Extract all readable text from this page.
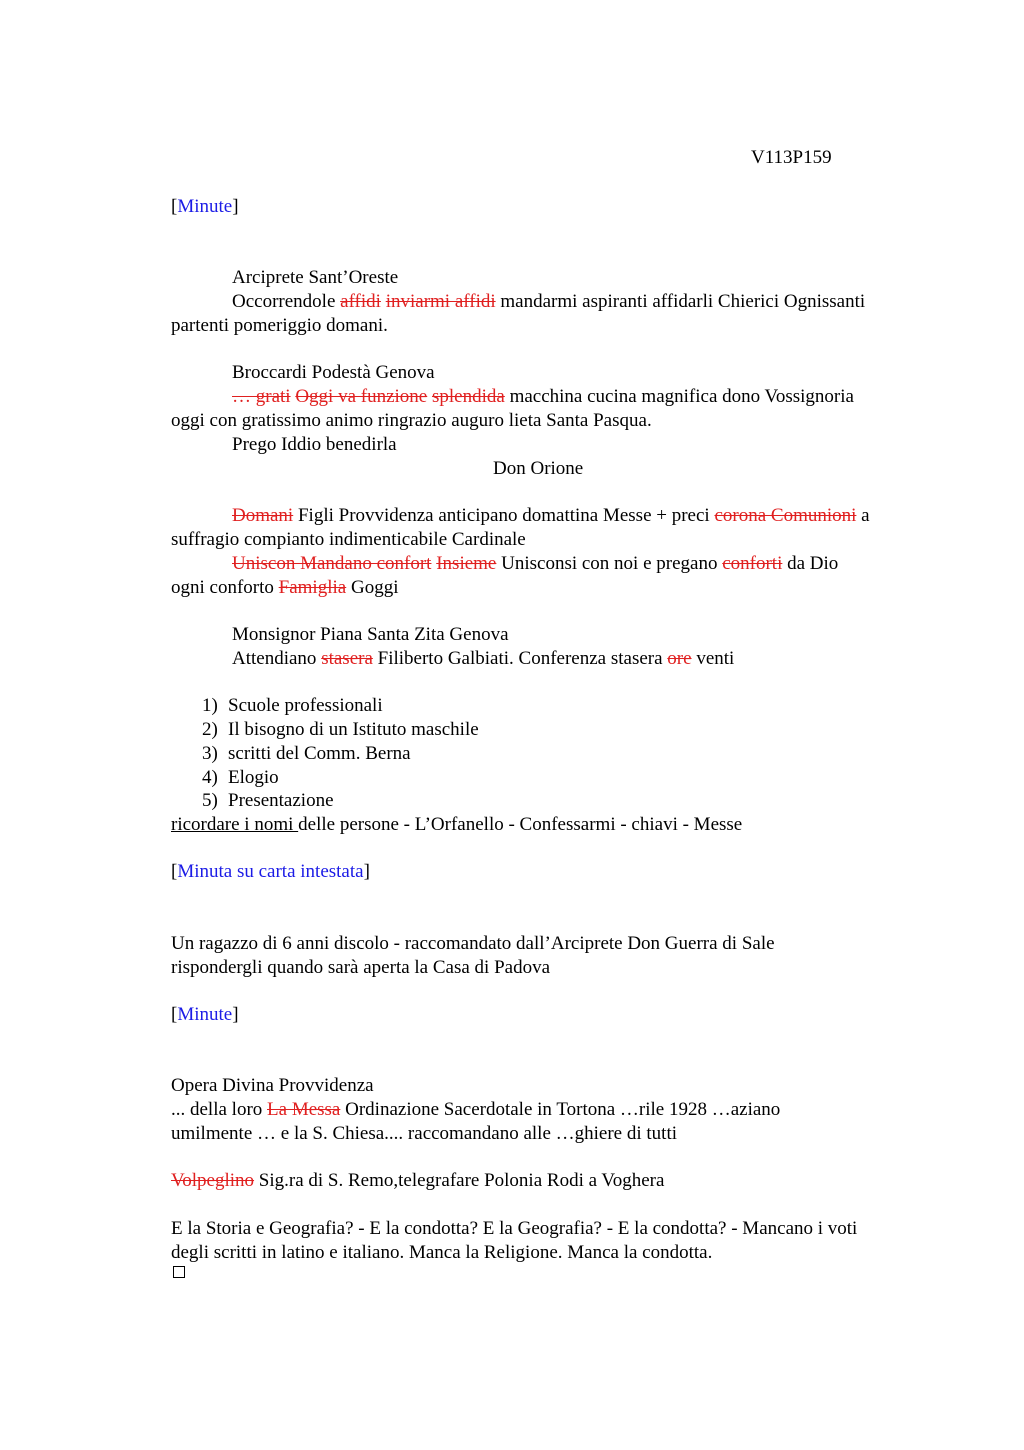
V113P159
[Minute]
Arciprete Sant’Oreste
Occorrendole affidi inviarmi affidi mandarmi aspiranti affidarli Chierici Ognissanti
partenti pomeriggio domani.
Broccardi Podestà Genova
… grati Oggi va funzione splendida macchina cucina magnifica dono Vossignoria
oggi con gratissimo animo ringrazio auguro lieta Santa Pasqua.
Prego Iddio benedirla
Don Orione
Domani Figli Provvidenza anticipano domattina Messe + preci corona Comunioni a
suffragio compianto indimenticabile Cardinale
Unisc​on Mandano confort Insieme Unisconsi con noi e pregano conforti da Dio
ogni conforto Famiglia Goggi
Monsignor Piana Santa Zita Genova
Attendiano stasera Filiberto Galbiati. Conferenza stasera ore venti
1) Scuole professionali
2) Il bisogno di un Istituto maschile
3) scritti del Comm. Berna
4) Elogio
5) Presentazione
ricordare i nomi delle persone - L’Orfanello - Confessarmi - chiavi - Messe
[Minuta su carta intestata]
Un ragazzo di 6 anni discolo - raccomandato dall’Arciprete Don Guerra di Sale
rispondergli quando sarà aperta la Casa di Padova
[Minute]
Opera Divina Provvidenza
... della loro La Messa Ordinazione Sacerdotale in Tortona …rile 1928 …aziano
umilmente … e la S. Chiesa.... raccomandano alle …ghiere di tutti
Volpeglino Sig.ra di S. Remo,telegrafare Polonia Rodi a Voghera
E la Storia e Geografia? - E la condotta? E la Geografia? - E la condotta? - Mancano i voti
degli scritti in latino e italiano. Manca la Religione. Manca la condotta.
